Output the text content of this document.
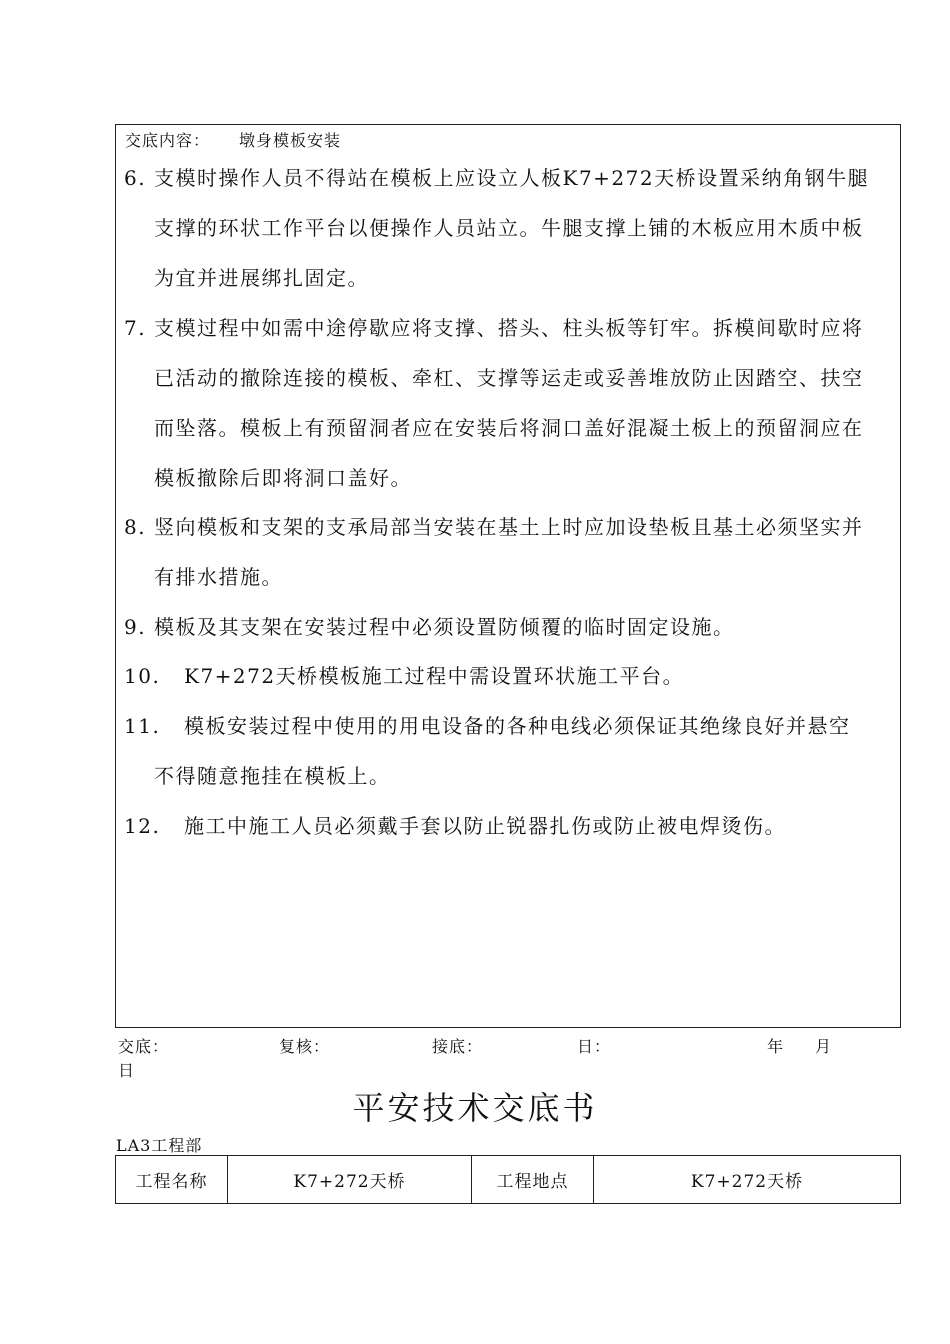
交底内容： 墩身模板安装
6. 支模时操作人员不得站在模板上应设立人板K7+272天桥设置采纳角钢牛腿
支撑的环状工作平台以便操作人员站立。牛腿支撑上铺的木板应用木质中板
为宜并进展绑扎固定。
7. 支模过程中如需中途停歇应将支撑、搭头、柱头板等钉牢。拆模间歇时应将
已活动的撤除连接的模板、牵杠、支撑等运走或妥善堆放防止因踏空、扶空
而坠落。模板上有预留洞者应在安装后将洞口盖好混凝土板上的预留洞应在
模板撤除后即将洞口盖好。
8. 竖向模板和支架的支承局部当安装在基土上时应加设垫板且基土必须坚实并
有排水措施。
9. 模板及其支架在安装过程中必须设置防倾覆的临时固定设施。
10. K7+272天桥模板施工过程中需设置环状施工平台。
11. 模板安装过程中使用的用电设备的各种电线必须保证其绝缘良好并悬空
不得随意拖挂在模板上。
12. 施工中施工人员必须戴手套以防止锐器扎伤或防止被电焊烫伤。
交底：	复核：	接底：	日：	年 月
日
平安技术交底书
LA3工程部
工程名称	K7+272天桥	工程地点	K7+272天桥
